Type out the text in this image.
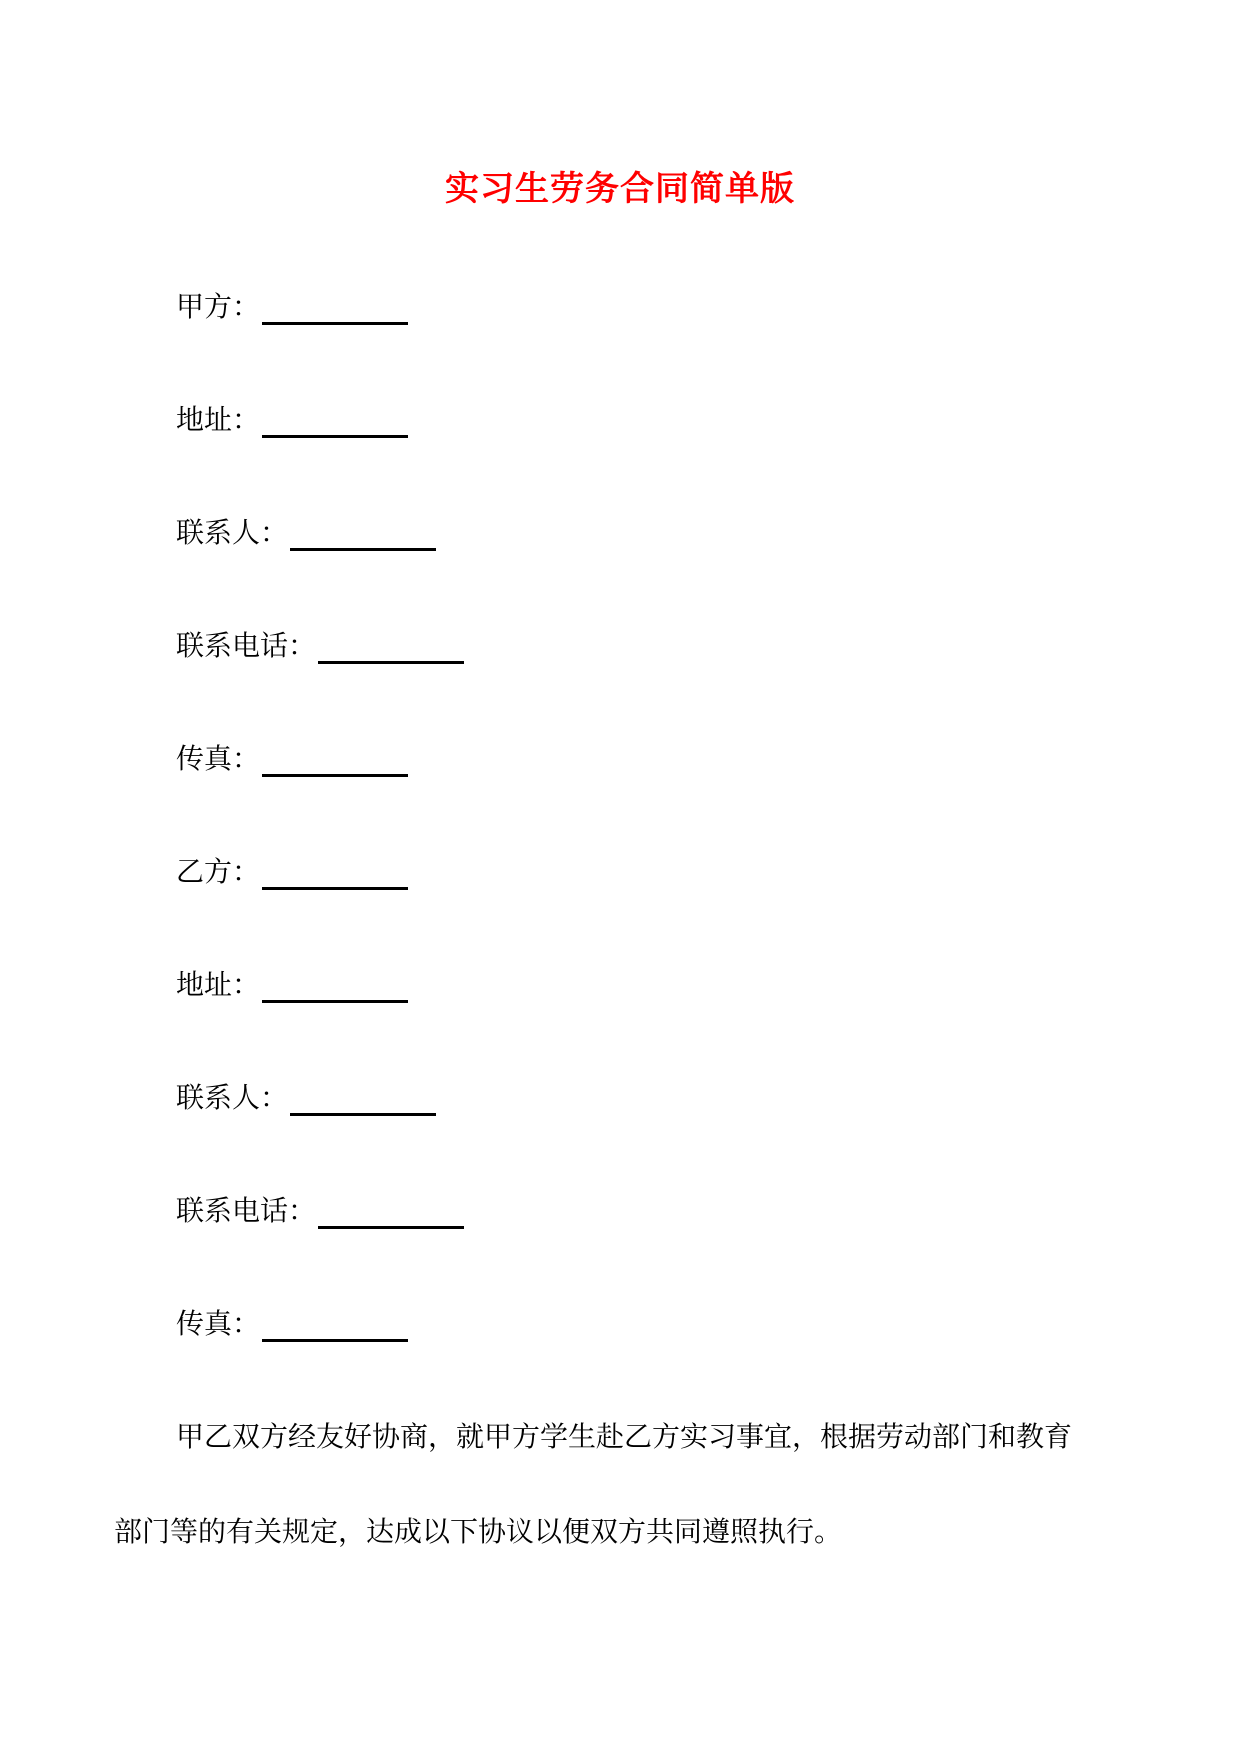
实习生劳务合同简单版
甲方：
地址：
联系人：
联系电话：
传真：
乙方：
地址：
联系人：
联系电话：
传真：
甲乙双方经友好协商，就甲方学生赴乙方实习事宜，根据劳动部门和教育
部门等的有关规定，达成以下协议以便双方共同遵照执行。
